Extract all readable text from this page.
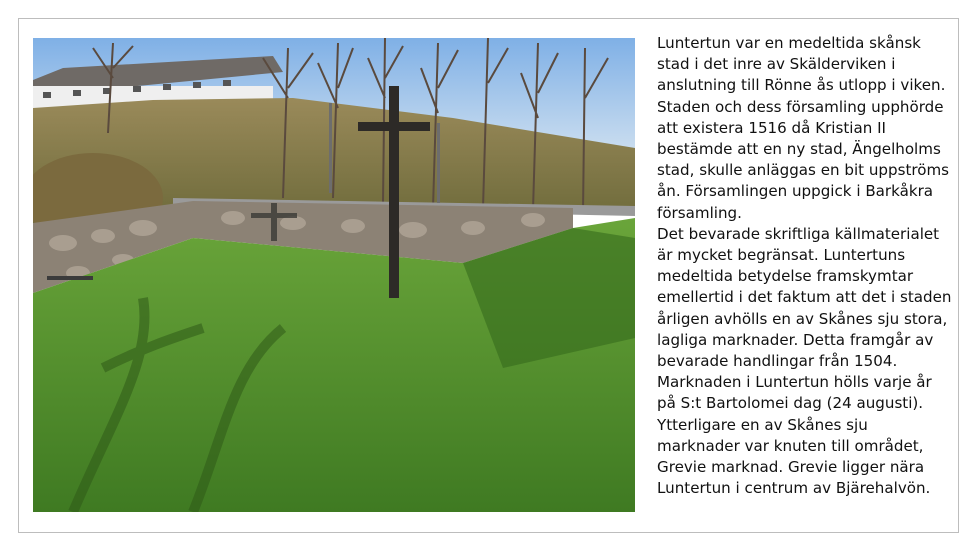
Luntertun var en medeltida skånsk stad i det inre av Skälderviken i anslutning till Rönne ås utlopp i viken. Staden och dess församling upphörde att existera 1516 då Kristian II bestämde att en ny stad, Ängelholms stad, skulle anläggas en bit uppströms ån. Församlingen uppgick i Barkåkra församling.

Det bevarade skriftliga källmaterialet är mycket begränsat. Luntertuns medeltida betydelse framskymtar emellertid i det faktum att det i staden årligen avhölls en av Skånes sju stora, lagliga marknader. Detta framgår av bevarade handlingar från 1504. Marknaden i Luntertun hölls varje år på S:t Bartolomei dag (24 augusti). Ytterligare en av Skånes sju marknader var knuten till området, Grevie marknad. Grevie ligger nära Luntertun i centrum av Bjärehalvön.
